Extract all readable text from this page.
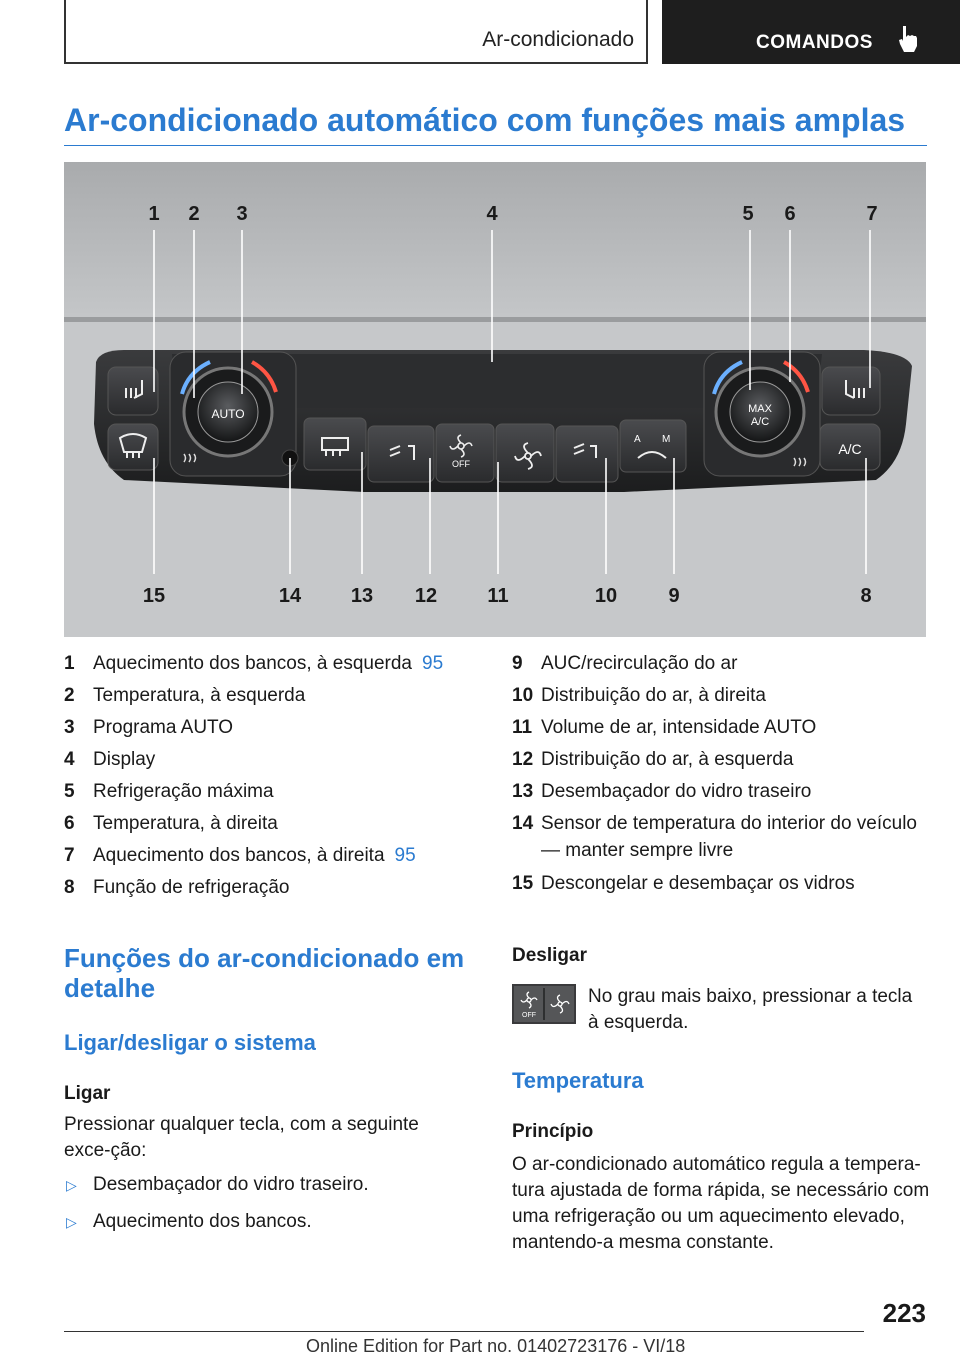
Ar-condicionado	COMANDOS
Ar-condicionado automático com funções mais amplas
AUTO
OFF
A M
MAX
A/C
A/C
1 2 3	4	5 6	7
15	14 13 12	11	10	9	8
1 Aquecimento dos bancos, à esquerda 95
2 Temperatura, à esquerda
3 Programa AUTO
4 Display
5 Refrigeração máxima
6 Temperatura, à direita
7 Aquecimento dos bancos, à direita 95
8 Função de refrigeração
9 AUC/recirculação do ar
10 Distribuição do ar, à direita
11 Volume de ar, intensidade AUTO
12 Distribuição do ar, à esquerda
13 Desembaçador do vidro traseiro
14 Sensor de temperatura do interior do veículo
— manter sempre livre
15 Descongelar e desembaçar os vidros
Funções do ar-condicionado em detalhe
Ligar/desligar o sistema
Ligar

Pressionar qualquer tecla, com a seguinte exce-ção:

▷ Desembaçador do vidro traseiro.
▷ Aquecimento dos bancos.
Desligar
OFF

No grau mais baixo, pressionar a tecla à esquerda.

Temperatura
Princípio

O ar-condicionado automático regula a tempera-tura ajustada de forma rápida, se necessário com uma refrigeração ou um aquecimento elevado, mantendo-a mesma constante.

223
Online Edition for Part no. 01402723176 - VI/18
